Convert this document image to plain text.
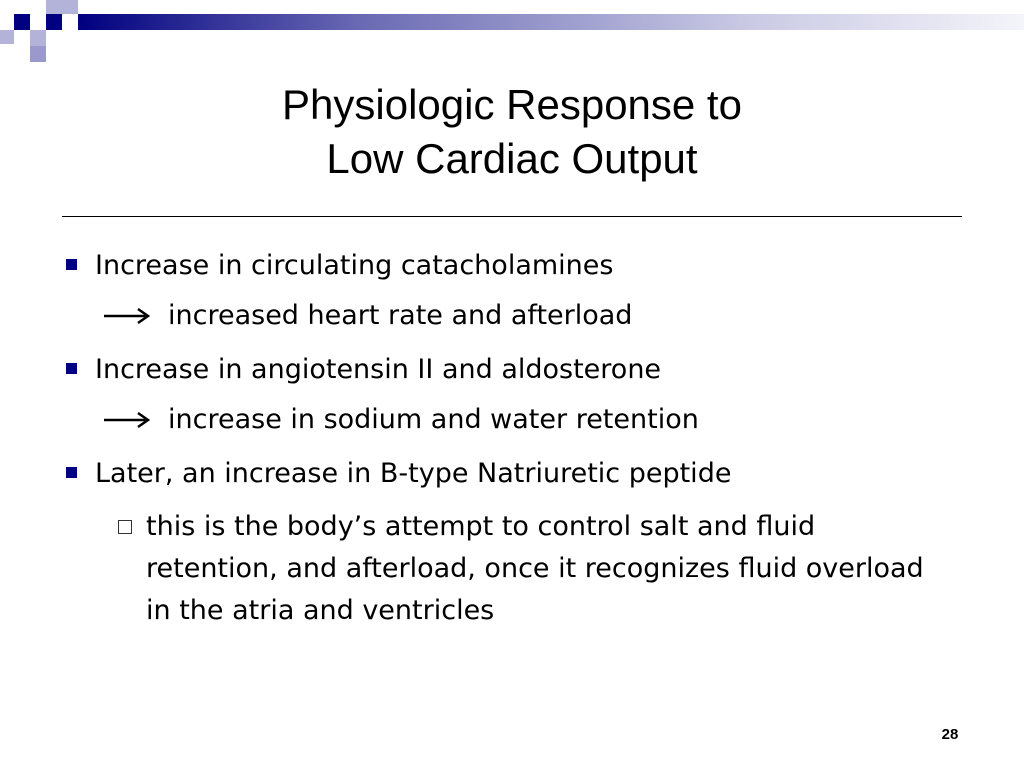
Physiologic Response to
Low Cardiac Output
Increase in circulating catacholamines
increased heart rate and afterload
Increase in angiotensin II and aldosterone
increase in sodium and water retention
Later, an increase in B-type Natriuretic peptide
this is the body’s attempt to control salt and fluid retention, and afterload, once it recognizes fluid overload in the atria and ventricles
28
